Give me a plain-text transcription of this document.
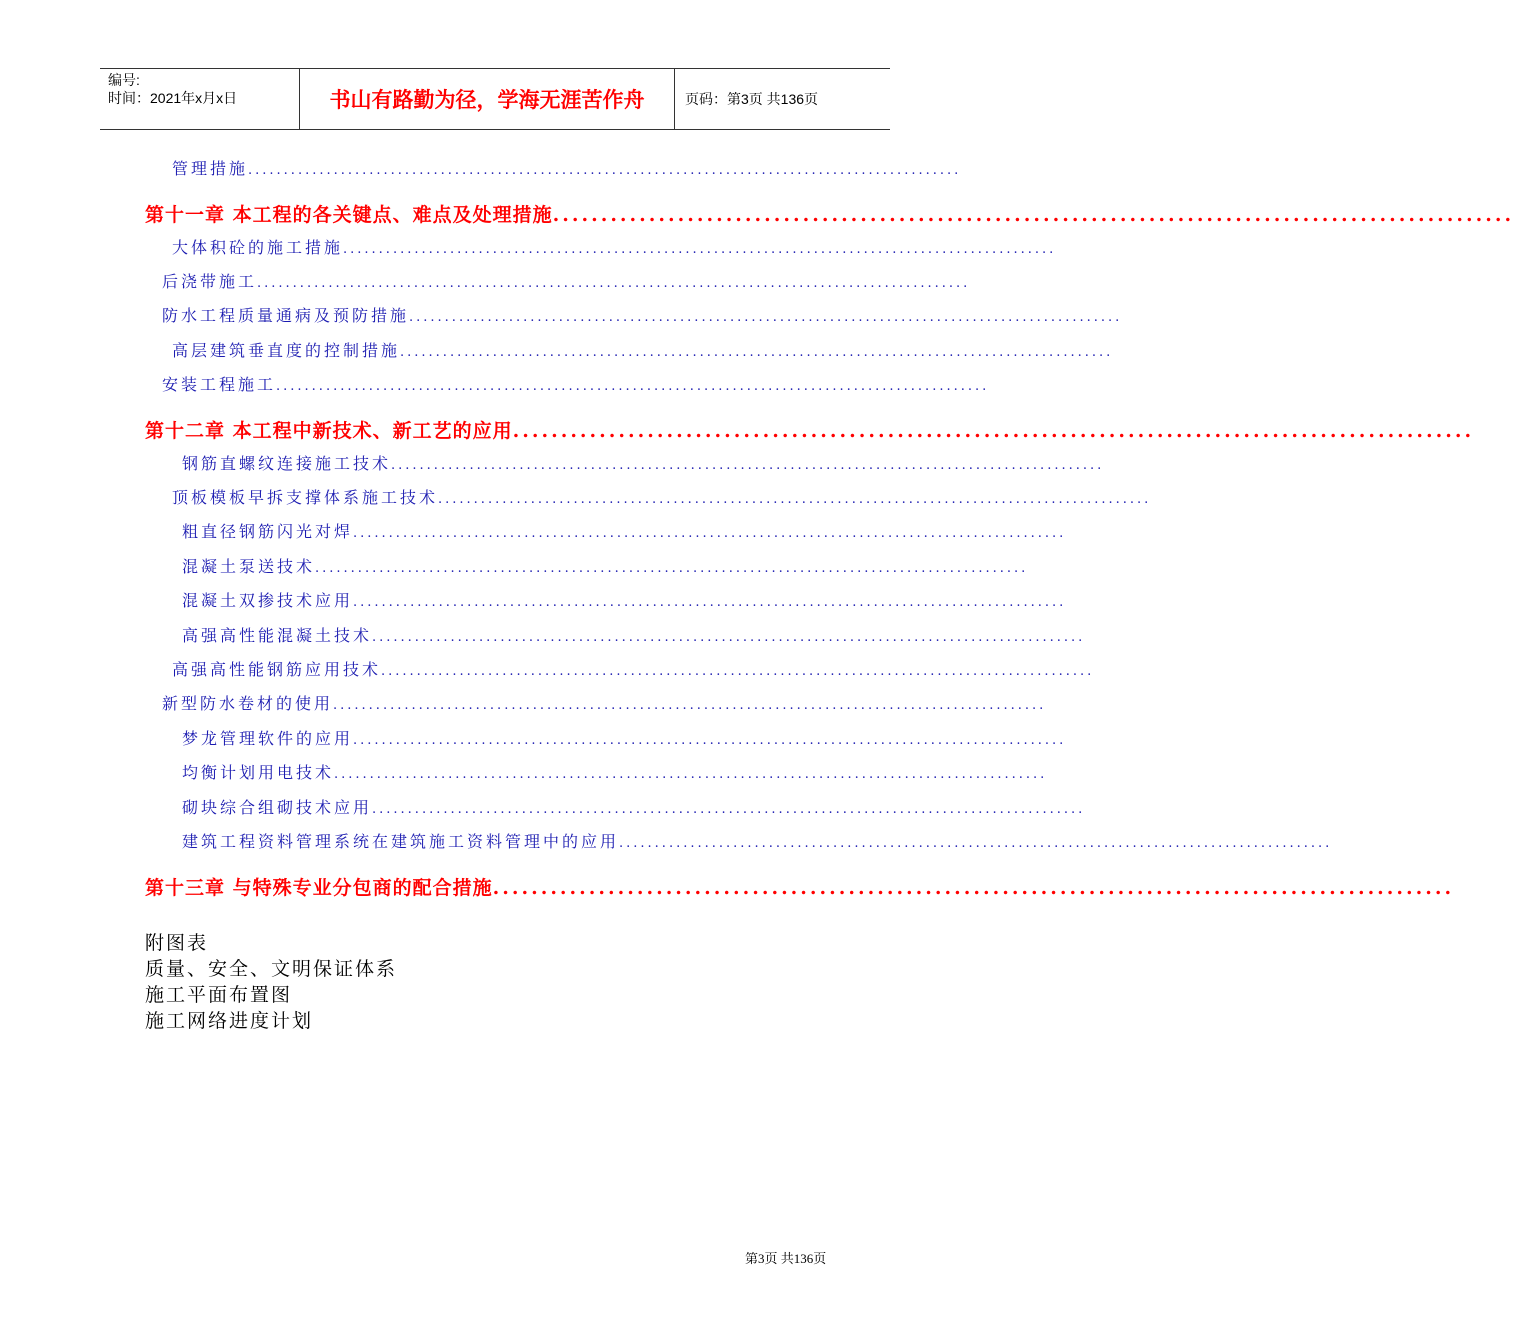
编号:
时间：2021年x月x日	书山有路勤为径，学海无涯苦作舟	页码：第3页 共136页
管理措施 ....................................................................................................
第十一章 本工程的各关键点、难点及处理措施 ....................................................................................................
大体积砼的施工措施 ....................................................................................................
后浇带施工 ....................................................................................................
防水工程质量通病及预防措施 ....................................................................................................
高层建筑垂直度的控制措施 ....................................................................................................
安装工程施工 ....................................................................................................
第十二章 本工程中新技术、新工艺的应用 ....................................................................................................
钢筋直螺纹连接施工技术 ....................................................................................................
顶板模板早拆支撑体系施工技术 ....................................................................................................
粗直径钢筋闪光对焊 ....................................................................................................
混凝土泵送技术 ....................................................................................................
混凝土双掺技术应用 ....................................................................................................
高强高性能混凝土技术 ....................................................................................................
高强高性能钢筋应用技术 ....................................................................................................
新型防水卷材的使用 ....................................................................................................
梦龙管理软件的应用 ....................................................................................................
均衡计划用电技术 ....................................................................................................
砌块综合组砌技术应用 ....................................................................................................
建筑工程资料管理系统在建筑施工资料管理中的应用 ....................................................................................................
第十三章 与特殊专业分包商的配合措施 ....................................................................................................
附图表
质量、安全、文明保证体系
施工平面布置图
施工网络进度计划
第3页 共136页
